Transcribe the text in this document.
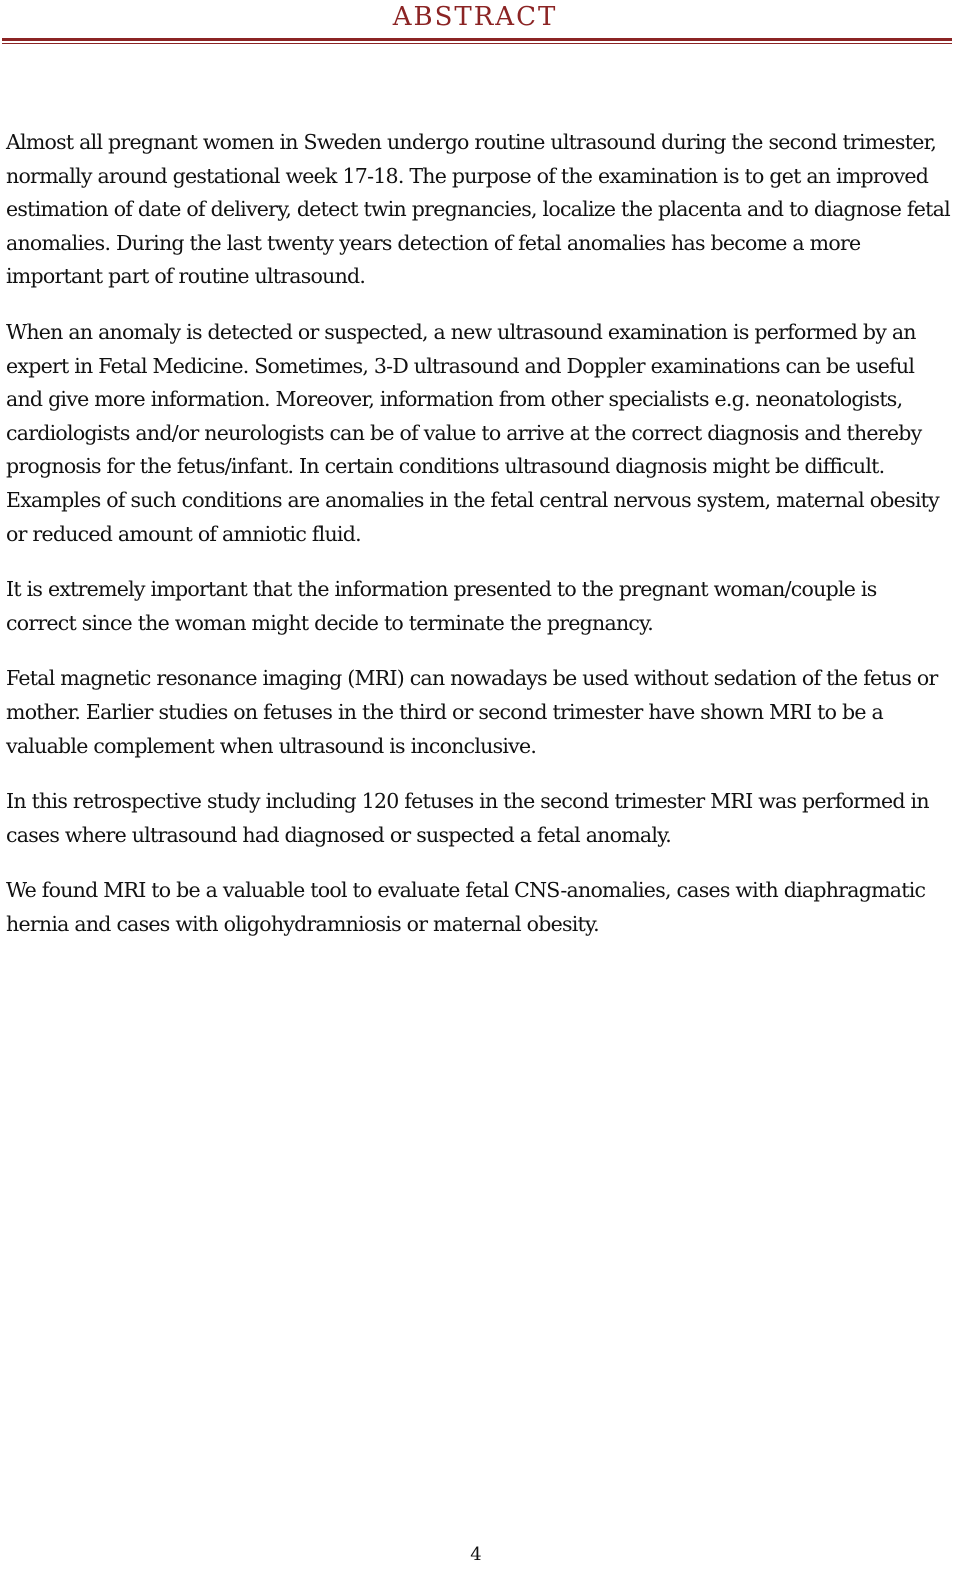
ABSTRACT

Almost all pregnant women in Sweden undergo routine ultrasound during the second trimester, normally around gestational week 17-18. The purpose of the examination is to get an improved estimation of date of delivery, detect twin pregnancies, localize the placenta and to diagnose fetal anomalies. During the last twenty years detection of fetal anomalies has become a more important part of routine ultrasound.

When an anomaly is detected or suspected, a new ultrasound examination is performed by an expert in Fetal Medicine. Sometimes, 3-D ultrasound and Doppler examinations can be useful and give more information. Moreover, information from other specialists e.g. neonatologists, cardiologists and/or neurologists can be of value to arrive at the correct diagnosis and thereby prognosis for the fetus/infant. In certain conditions ultrasound diagnosis might be difficult. Examples of such conditions are anomalies in the fetal central nervous system, maternal obesity or reduced amount of amniotic fluid.

It is extremely important that the information presented to the pregnant woman/couple is correct since the woman might decide to terminate the pregnancy.

Fetal magnetic resonance imaging (MRI) can nowadays be used without sedation of the fetus or mother. Earlier studies on fetuses in the third or second trimester have shown MRI to be a valuable complement when ultrasound is inconclusive.

In this retrospective study including 120 fetuses in the second trimester MRI was performed in cases where ultrasound had diagnosed or suspected a fetal anomaly.

We found MRI to be a valuable tool to evaluate fetal CNS-anomalies, cases with diaphragmatic hernia and cases with oligohydramniosis or maternal obesity.

4
